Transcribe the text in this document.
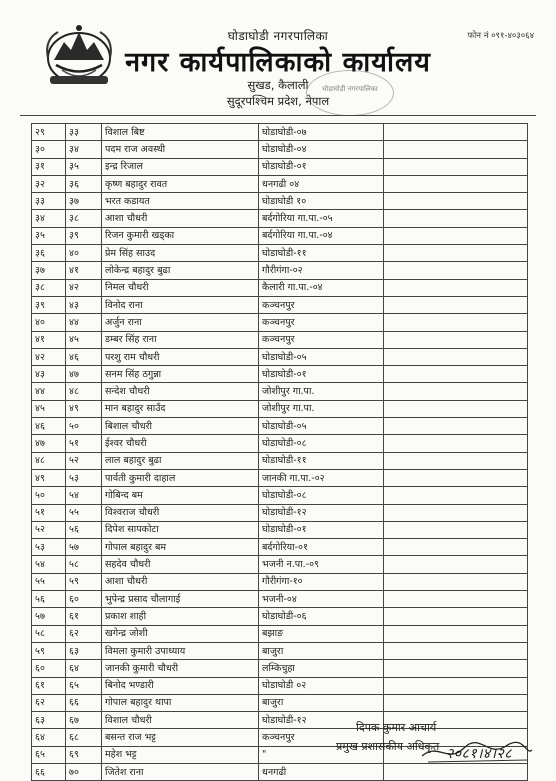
घोडाघोडी नगरपालिका	फोन नं ०९१-४०३०६४
नगर कार्यपालिकाको कार्यालय
सुखड, कैलाली
सुदूरपश्चिम प्रदेश, नेपाल
घोडाघोडी नगरपालिका
२९	३३	विशाल बिष्ट	घोडाघोडी-०७	
३०	३४	पदम राज अवस्थी	घोडाघोडी-०४	
३१	३५	इन्द्र रिजाल	घोडाघोडी-०१	
३२	३६	कृष्ण बहादुर रावत	धनगढी ०४	
३३	३७	भरत कडायत	घोडाघोडी १०	
३४	३८	आशा चौधरी	बर्दगोरिया गा.पा.-०५	
३५	३९	रिजन कुमारी खड्का	बर्दगोरिया गा.पा.-०४	
३६	४०	प्रेम सिंह साउद	घोडाघोडी-११	
३७	४१	लोकेन्द्र बहादुर बुढा	गौरीगंगा-०२	
३८	४२	निमल चौधरी	कैलारी गा.पा.-०४	
३९	४३	विनोद राना	कञ्चनपुर	
४०	४४	अर्जुन राना	कञ्चनपुर	
४१	४५	डम्बर सिंह राना	कञ्चनपुर	
४२	४६	परशु राम चौधरी	घोडाघोडी-०५	
४३	४७	सनम सिंह ठगुन्ना	घोडाघोडी-०१	
४४	४८	सन्देश चौधरी	जोशीपुर गा.पा.	
४५	४९	मान बहादुर साउँद	जोशीपुर गा.पा.	
४६	५०	बिशाल चौधरी	घोडाघोडी-०५	
४७	५१	ईश्वर चौधरी	घोडाघोडी-०८	
४८	५२	लाल बहादुर बुढा	घोडाघोडी-११	
४९	५३	पार्वती कुमारी दाहाल	जानकी गा.पा.-०२	
५०	५४	गोबिन्द बम	घोडाघोडी-०८	
५१	५५	विश्वराज चौधरी	घोडाघोडी-१२	
५२	५६	दिपेश सापकोटा	घोडाघोडी-०१	
५३	५७	गोपाल बहादुर बम	बर्दगोरिया-०१	
५४	५८	सहदेव चौधरी	भजनी न.पा.-०९	
५५	५९	आशा चौधरी	गौरीगंगा-१०	
५६	६०	भुपेन्द्र प्रसाद चौलागाई	भजनी-०४	
५७	६१	प्रकाश शाही	घोडाघोडी-०६	
५८	६२	खगेन्द्र जोशी	बझाङ	
५९	६३	विमला कुमारी उपाध्याय	बाजुरा	
६०	६४	जानकी कुमारी चौधरी	लम्किचुहा	
६१	६५	बिनोद भण्डारी	घोडाघोडी ०२	
६२	६६	गोपाल बहादुर थापा	बाजुरा	
६३	६७	विशाल चौधरी	घोडाघोडी-१२	
६४	६८	बसन्त राज भट्ट	कञ्चनपुर	
६५	६९	महेश भट्ट	"	
६६	७०	जितेश राना	धनगढी	
दिपक कुमार आचार्य
प्रमुख प्रशासकीय अधिकृत २०८१।४।२८
